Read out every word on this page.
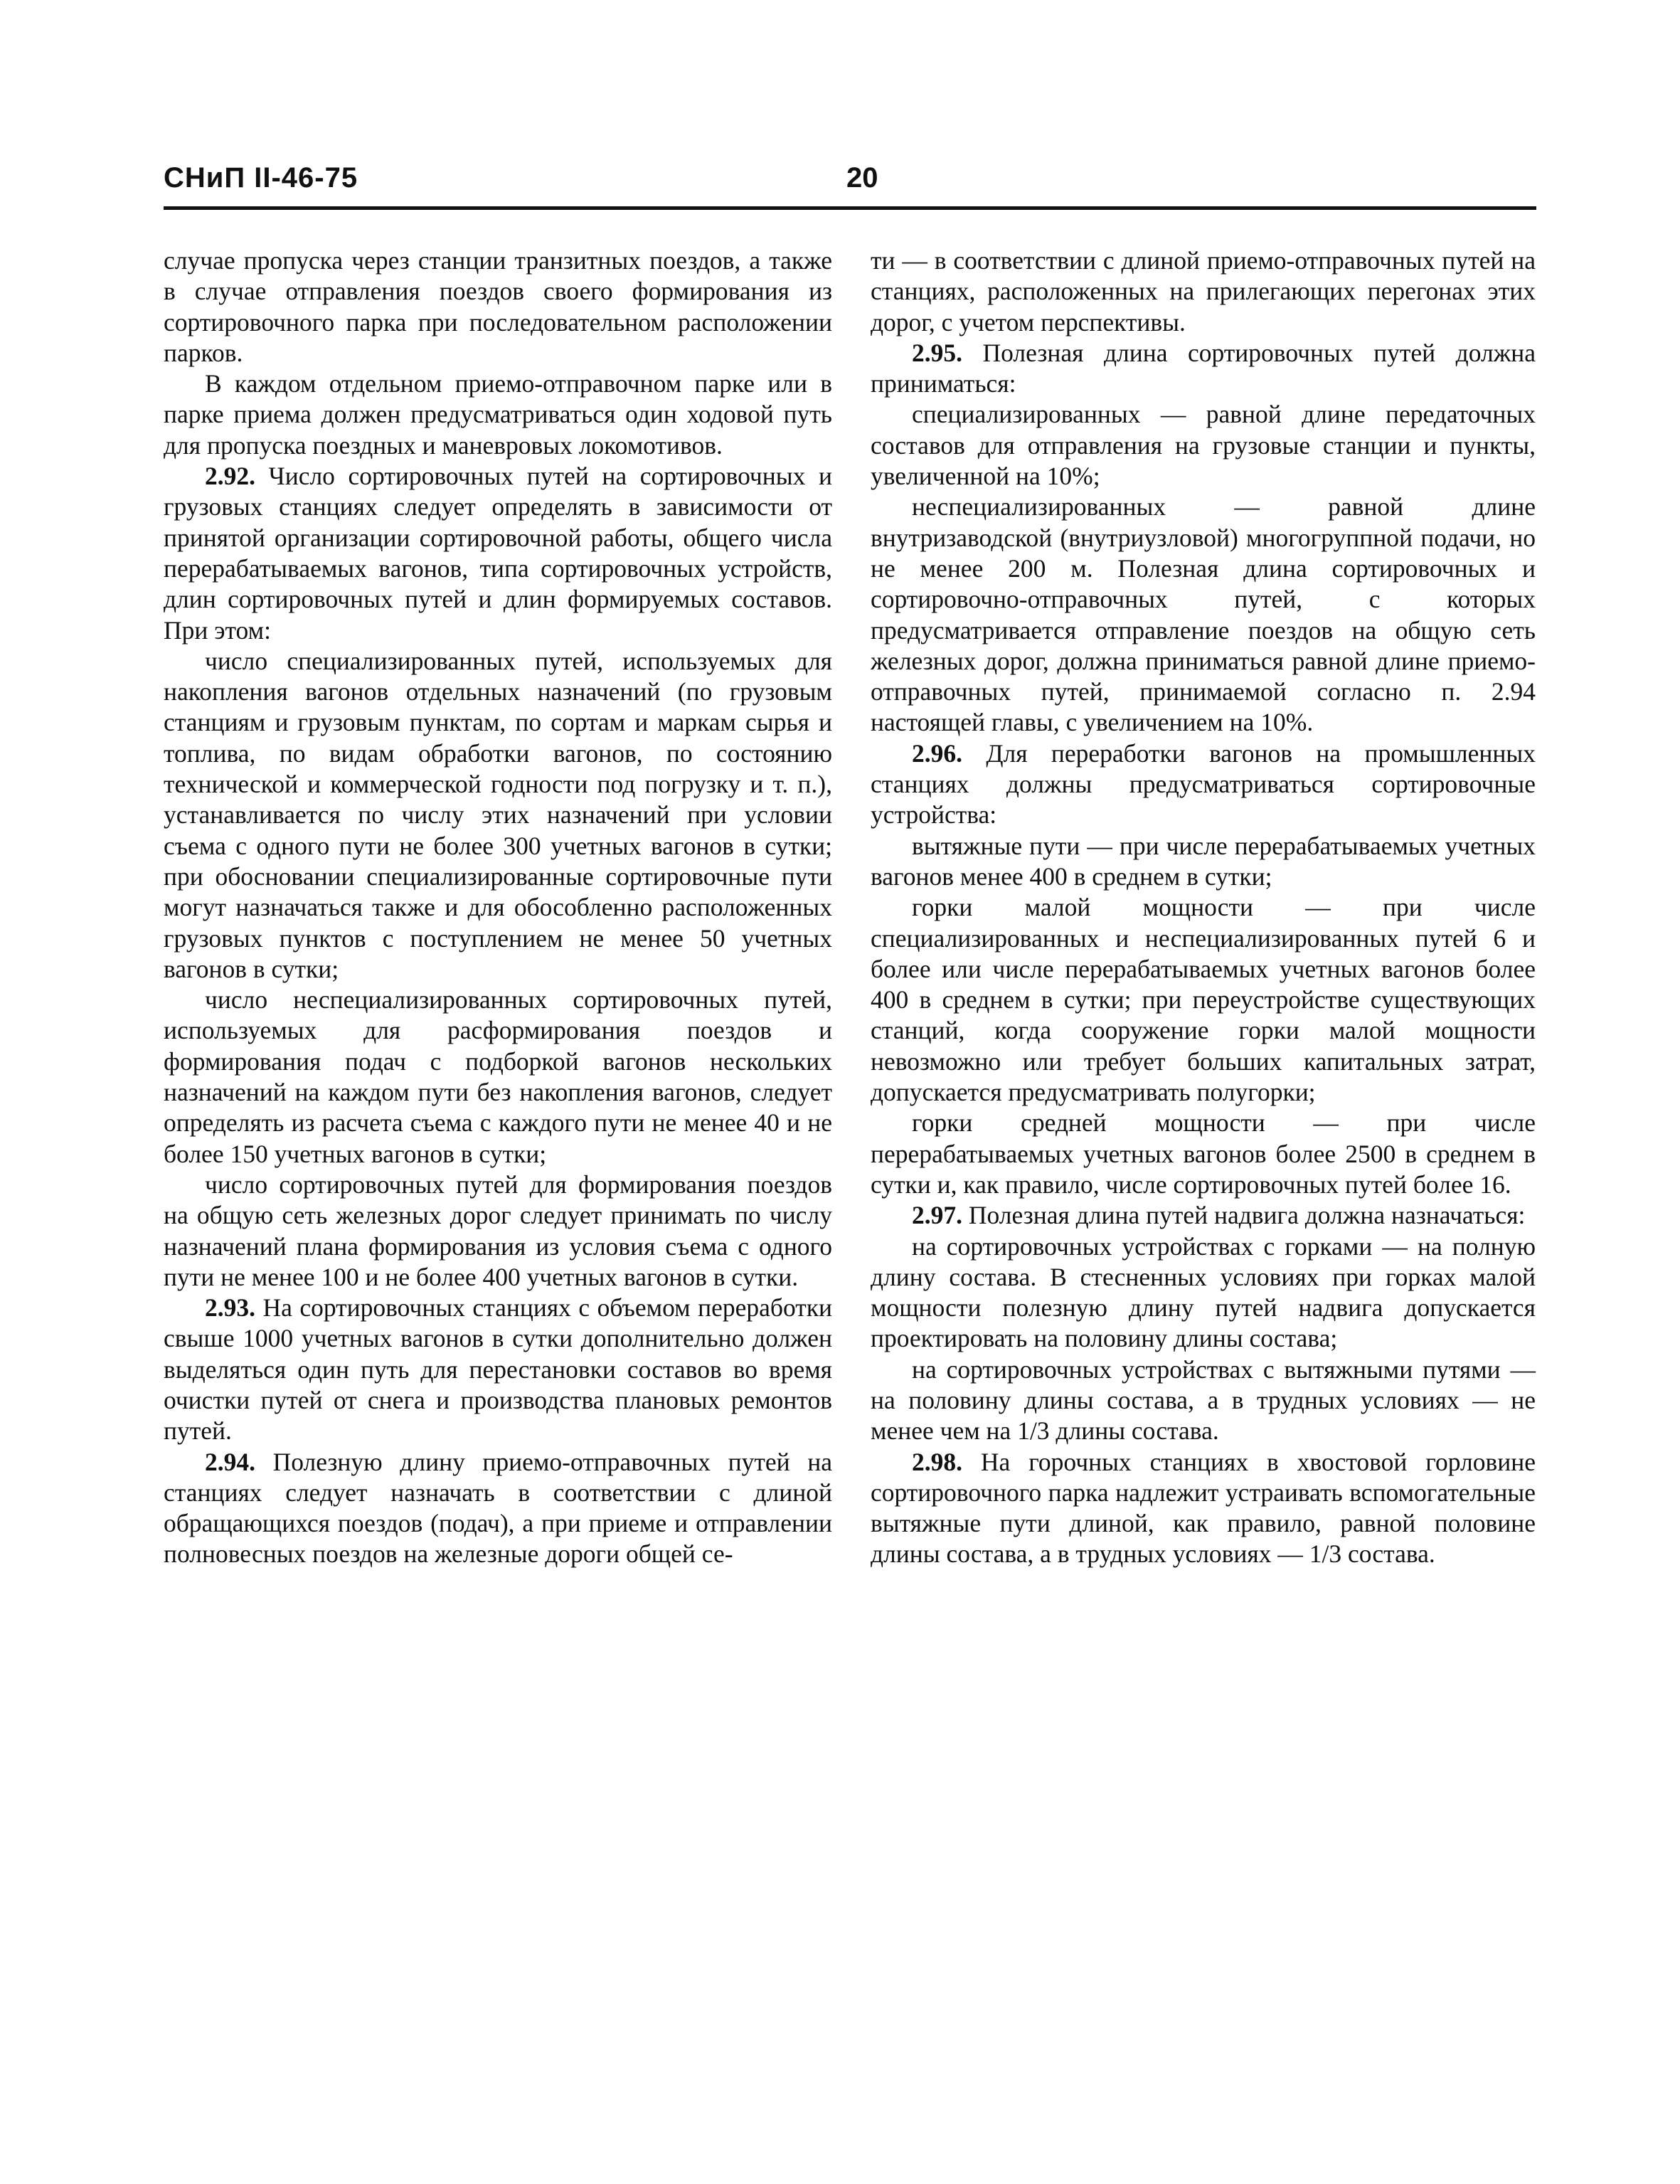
СНиП II-46-75	20

случае пропуска через станции транзитных поездов, а также в случае отправления поездов своего формирования из сортировочного парка при последовательном расположении парков.

В каждом отдельном приемо-отправочном парке или в парке приема должен предусматриваться один ходовой путь для пропуска поездных и маневровых локомотивов.

2.92. Число сортировочных путей на сортировочных и грузовых станциях следует определять в зависимости от принятой организации сортировочной работы, общего числа перерабатываемых вагонов, типа сортировочных устройств, длин сортировочных путей и длин формируемых составов. При этом:

число специализированных путей, используемых для накопления вагонов отдельных назначений (по грузовым станциям и грузовым пунктам, по сортам и маркам сырья и топлива, по видам обработки вагонов, по состоянию технической и коммерческой годности под погрузку и т. п.), устанавливается по числу этих назначений при условии съема с одного пути не более 300 учетных вагонов в сутки; при обосновании специализированные сортировочные пути могут назначаться также и для обособленно расположенных грузовых пунктов с поступлением не менее 50 учетных вагонов в сутки;

число неспециализированных сортировочных путей, используемых для расформирования поездов и формирования подач с подборкой вагонов нескольких назначений на каждом пути без накопления вагонов, следует определять из расчета съема с каждого пути не менее 40 и не более 150 учетных вагонов в сутки;

число сортировочных путей для формирования поездов на общую сеть железных дорог следует принимать по числу назначений плана формирования из условия съема с одного пути не менее 100 и не более 400 учетных вагонов в сутки.

2.93. На сортировочных станциях с объемом переработки свыше 1000 учетных вагонов в сутки дополнительно должен выделяться один путь для перестановки составов во время очистки путей от снега и производства плановых ремонтов путей.

2.94. Полезную длину приемо-отправочных путей на станциях следует назначать в соответствии с длиной обращающихся поездов (подач), а при приеме и отправлении полновесных поездов на железные дороги общей се-

ти — в соответствии с длиной приемо-отправочных путей на станциях, расположенных на прилегающих перегонах этих дорог, с учетом перспективы.

2.95. Полезная длина сортировочных путей должна приниматься:

специализированных — равной длине передаточных составов для отправления на грузовые станции и пункты, увеличенной на 10%;

неспециализированных — равной длине внутризаводской (внутриузловой) многогруппной подачи, но не менее 200 м. Полезная длина сортировочных и сортировочно-отправочных путей, с которых предусматривается отправление поездов на общую сеть железных дорог, должна приниматься равной длине приемо-отправочных путей, принимаемой согласно п. 2.94 настоящей главы, с увеличением на 10%.

2.96. Для переработки вагонов на промышленных станциях должны предусматриваться сортировочные устройства:

вытяжные пути — при числе перерабатываемых учетных вагонов менее 400 в среднем в сутки;

горки малой мощности — при числе специализированных и неспециализированных путей 6 и более или числе перерабатываемых учетных вагонов более 400 в среднем в сутки; при переустройстве существующих станций, когда сооружение горки малой мощности невозможно или требует больших капитальных затрат, допускается предусматривать полугорки;

горки средней мощности — при числе перерабатываемых учетных вагонов более 2500 в среднем в сутки и, как правило, числе сортировочных путей более 16.

2.97. Полезная длина путей надвига должна назначаться:

на сортировочных устройствах с горками — на полную длину состава. В стесненных условиях при горках малой мощности полезную длину путей надвига допускается проектировать на половину длины состава;

на сортировочных устройствах с вытяжными путями — на половину длины состава, а в трудных условиях — не менее чем на 1/3 длины состава.

2.98. На горочных станциях в хвостовой горловине сортировочного парка надлежит устраивать вспомогательные вытяжные пути длиной, как правило, равной половине длины состава, а в трудных условиях — 1/3 состава.
